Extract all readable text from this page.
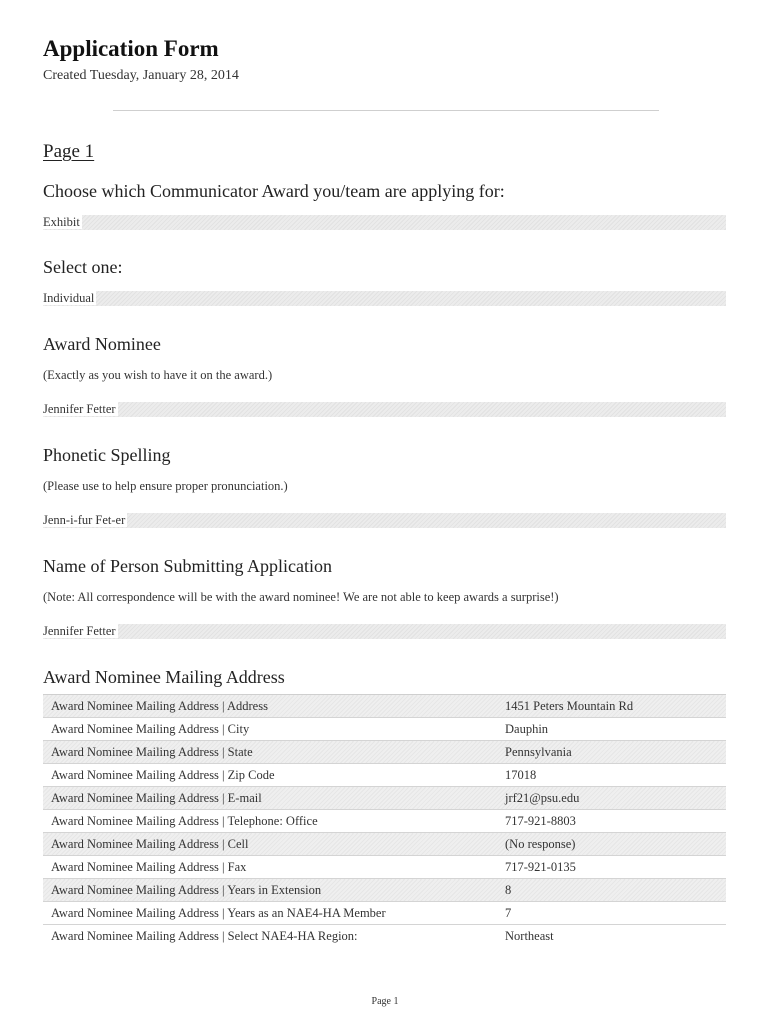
Application Form
Created Tuesday, January 28, 2014
Page 1
Choose which Communicator Award you/team are applying for:
Exhibit
Select one:
Individual
Award Nominee
(Exactly as you wish to have it on the award.)
Jennifer Fetter
Phonetic Spelling
(Please use to help ensure proper pronunciation.)
Jenn-i-fur Fet-er
Name of Person Submitting Application
(Note: All correspondence will be with the award nominee! We are not able to keep awards a surprise!)
Jennifer Fetter
Award Nominee Mailing Address
Award Nominee Mailing Address | Address	1451 Peters Mountain Rd
Award Nominee Mailing Address | City	Dauphin
Award Nominee Mailing Address | State	Pennsylvania
Award Nominee Mailing Address | Zip Code	17018
Award Nominee Mailing Address | E-mail	jrf21@psu.edu
Award Nominee Mailing Address | Telephone: Office	717-921-8803
Award Nominee Mailing Address | Cell	(No response)
Award Nominee Mailing Address | Fax	717-921-0135
Award Nominee Mailing Address | Years in Extension	8
Award Nominee Mailing Address | Years as an NAE4-HA Member	7
Award Nominee Mailing Address | Select NAE4-HA Region:	Northeast
Page 1
